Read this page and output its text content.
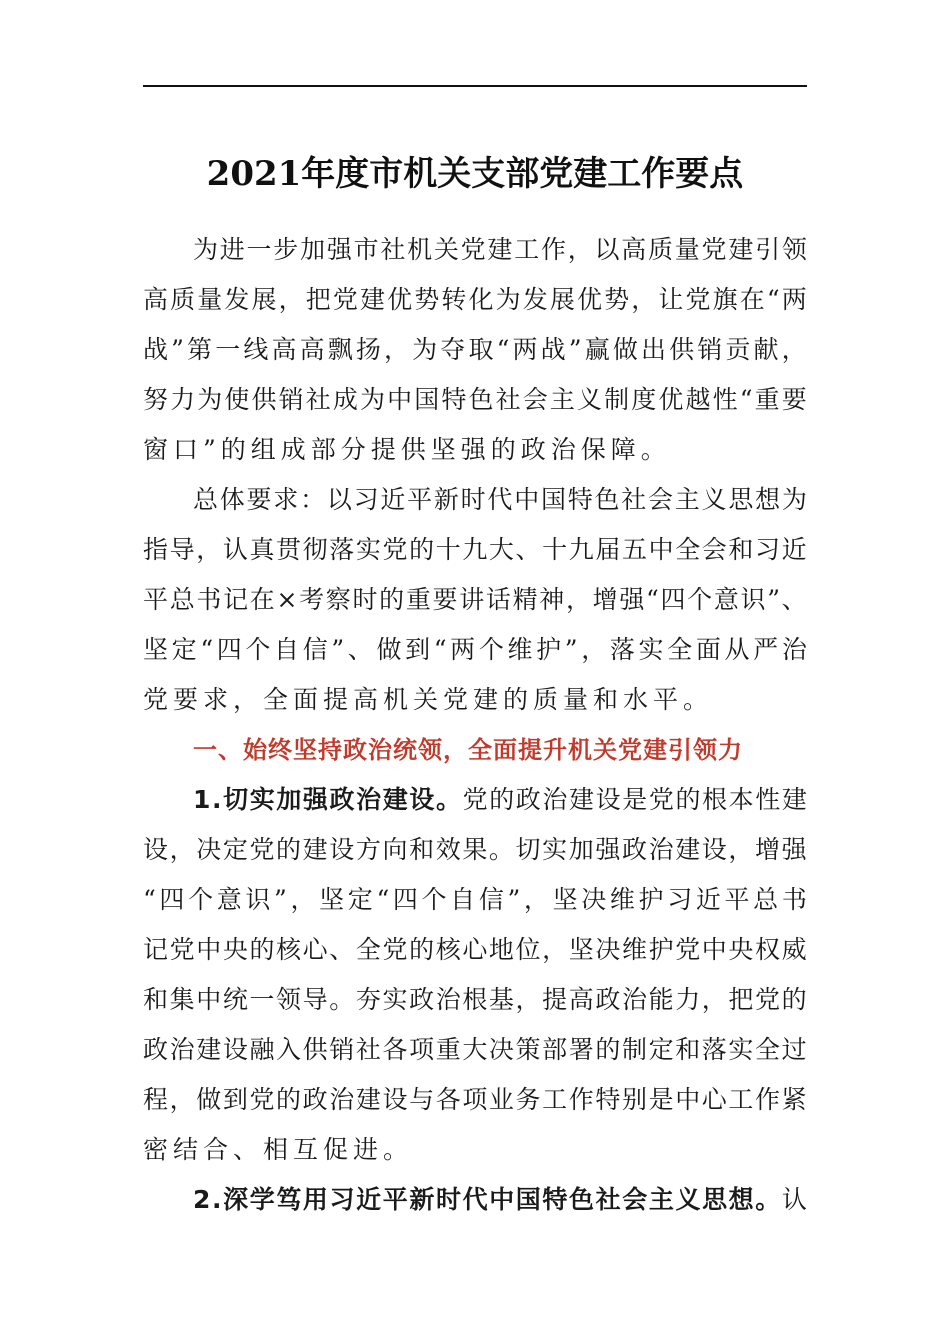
2021年度市机关支部党建工作要点
为 进 一 步 加 强 市 社 机 关 党 建 工 作 ， 以 高 质 量 党 建 引 领
高 质 量 发 展 ， 把 党 建 优 势 转 化 为 发 展 优 势 ， 让 党 旗 在 “ 两
战 ” 第 一 线 高 高 飘 扬 ， 为 夺 取 “ 两 战 ” 赢 做 出 供 销 贡 献 ，
努 力 为 使 供 销 社 成 为 中 国 特 色 社 会 主 义 制 度 优 越 性 “ 重 要
窗口”的组成部分提供坚强的政治保障。
总 体 要 求 ： 以 习 近 平 新 时 代 中 国 特 色 社 会 主 义 思 想 为
指 导 ， 认 真 贯 彻 落 实 党 的 十 九 大 、 十 九 届 五 中 全 会 和 习 近
平 总 书 记 在 × 考 察 时 的 重 要 讲 话 精 神 ， 增 强 “ 四 个 意 识 ” 、
坚 定 “ 四 个 自 信 ” 、 做 到 “ 两 个 维 护 ” ， 落 实 全 面 从 严 治
党要求，全面提高机关党建的质量和水平。
一、始终坚持政治统领，全面提升机关党建引领力
1 . 切 实 加 强 政 治 建 设 。 党 的 政 治 建 设 是 党 的 根 本 性 建
设 ， 决 定 党 的 建 设 方 向 和 效 果 。 切 实 加 强 政 治 建 设 ， 增 强
“ 四 个 意 识 ” ， 坚 定 “ 四 个 自 信 ” ， 坚 决 维 护 习 近 平 总 书
记 党 中 央 的 核 心 、 全 党 的 核 心 地 位 ， 坚 决 维 护 党 中 央 权 威
和 集 中 统 一 领 导 。 夯 实 政 治 根 基 ， 提 高 政 治 能 力 ， 把 党 的
政 治 建 设 融 入 供 销 社 各 项 重 大 决 策 部 署 的 制 定 和 落 实 全 过
程 ， 做 到 党 的 政 治 建 设 与 各 项 业 务 工 作 特 别 是 中 心 工 作 紧
密结合、相互促进。
2 . 深 学 笃 用 习 近 平 新 时 代 中 国 特 色 社 会 主 义 思 想 。 认
